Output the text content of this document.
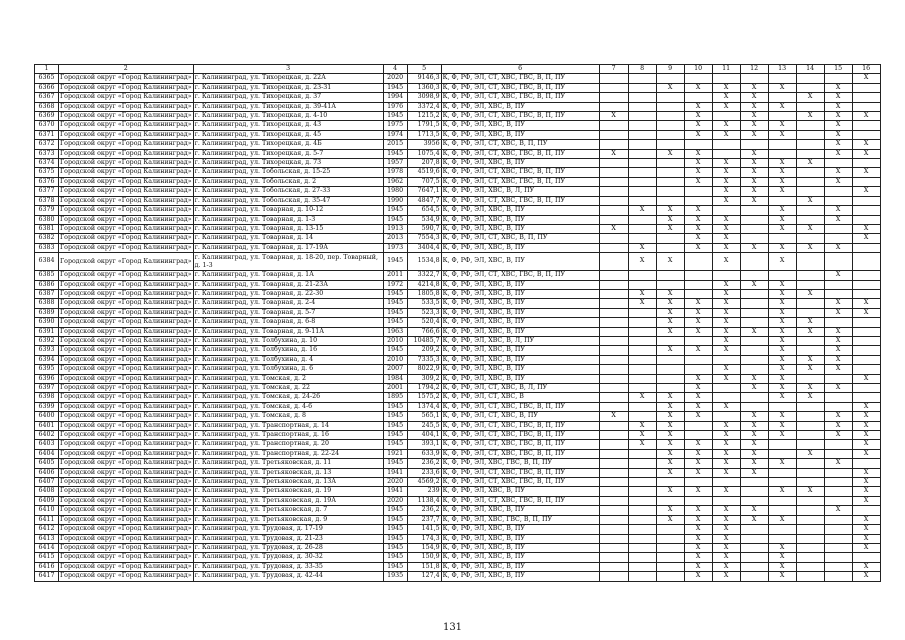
1	2	3	4	5	6	7	8	9	10	11	12	13	14	15	16
6365	Городской округ «Город Калининград»	г. Калининград, ул. Тихорецкая, д. 22А	2020	9146,3	К, Ф, РФ, ЭЛ, СТ, ХВС, ГВС, В, П, ПУ										Х
6366	Городской округ «Город Калининград»	г. Калининград, ул. Тихорецкая, д. 23-31	1945	1360,3	К, Ф, РФ, ЭЛ, СТ, ХВС, ГВС, В, П, ПУ			Х	Х	Х	Х	Х		Х	
6367	Городской округ «Город Калининград»	г. Калининград, ул. Тихорецкая, д. 37	1994	3098,9	К, Ф, РФ, ЭЛ, СТ, ХВС, ГВС, В, П, ПУ					Х	Х		Х	Х	
6368	Городской округ «Город Калининград»	г. Калининград, ул. Тихорецкая, д. 39-41А	1976	3372,4	К, Ф, РФ, ЭЛ, ХВС, В, ПУ				Х	Х	Х	Х		Х	
6369	Городской округ «Город Калининград»	г. Калининград, ул. Тихорецкая, д. 4-10	1945	1215,2	К, Ф, РФ, ЭЛ, СТ, ХВС, ГВС, В, П, ПУ	Х			Х		Х		Х	Х	Х
6370	Городской округ «Город Калининград»	г. Калининград, ул. Тихорецкая, д. 43	1975	1791,5	К, Ф, РФ, ЭЛ, ХВС, В, ПУ				Х	Х	Х	Х		Х	
6371	Городской округ «Город Калининград»	г. Калининград, ул. Тихорецкая, д. 45	1974	1713,5	К, Ф, РФ, ЭЛ, ХВС, В, ПУ				Х	Х	Х	Х		Х	
6372	Городской округ «Город Калининград»	г. Калининград, ул. Тихорецкая, д. 4Б	2015	3956	К, Ф, РФ, ЭЛ, СТ, ХВС, В, П, ПУ									Х	Х
6373	Городской округ «Город Калининград»	г. Калининград, ул. Тихорецкая, д. 5-7	1945	1075,4	К, Ф, РФ, ЭЛ, СТ, ХВС, ГВС, В, П, ПУ	Х		Х	Х		Х			Х	Х
6374	Городской округ «Город Калининград»	г. Калининград, ул. Тихорецкая, д. 73	1957	207,8	К, Ф, РФ, ЭЛ, ХВС, В, ПУ				Х	Х	Х	Х	Х		
6375	Городской округ «Город Калининград»	г. Калининград, ул. Тобольская, д. 15-25	1978	4519,6	К, Ф, РФ, ЭЛ, СТ, ХВС, ГВС, В, П, ПУ				Х	Х	Х	Х		Х	Х
6376	Городской округ «Город Калининград»	г. Калининград, ул. Тобольская, д. 2	1962	707,5	К, Ф, РФ, ЭЛ, СТ, ХВС, ГВС, В, П, ПУ				Х	Х	Х	Х		Х	
6377	Городской округ «Город Калининград»	г. Калининград, ул. Тобольская, д. 27-33	1980	7647,1	К, Ф, РФ, ЭЛ, ХВС, В, Л, ПУ					Х	Х	Х			Х
6378	Городской округ «Город Калининград»	г. Калининград, ул. Тобольская, д. 35-47	1990	4847,7	К, Ф, РФ, ЭЛ, СТ, ХВС, ГВС, В, П, ПУ					Х	Х		Х		
6379	Городской округ «Город Калининград»	г. Калининград, ул. Товарная, д. 10-12	1945	654,5	К, Ф, РФ, ЭЛ, ХВС, В, ПУ		Х	Х	Х			Х		Х	
6380	Городской округ «Город Калининград»	г. Калининград, ул. Товарная, д. 1-3	1945	534,9	К, Ф, РФ, ЭЛ, ХВС, В, ПУ			Х	Х	Х		Х		Х	
6381	Городской округ «Город Калининград»	г. Калининград, ул. Товарная, д. 13-15	1913	590,7	К, Ф, РФ, ЭЛ, ХВС, В, ПУ	Х		Х	Х	Х		Х	Х		Х
6382	Городской округ «Город Калининград»	г. Калининград, ул. Товарная, д. 14	2013	7554,3	К, Ф, РФ, ЭЛ, СТ, ХВС, В, П, ПУ				Х	Х					Х
6383	Городской округ «Город Калининград»	г. Калининград, ул. Товарная, д. 17-19А	1973	3404,4	К, Ф, РФ, ЭЛ, ХВС, В, ПУ		Х		Х	Х	Х	Х	Х	Х	
6384	Городской округ «Город Калининград»	г. Калининград, ул. Товарная, д. 18-20, пер. Товарный, д. 1-3	1945	1534,8	К, Ф, РФ, ЭЛ, ХВС, В, ПУ		Х	Х		Х		Х			
6385	Городской округ «Город Калининград»	г. Калининград, ул. Товарная, д. 1А	2011	3322,7	К, Ф, РФ, ЭЛ, СТ, ХВС, ГВС, В, П, ПУ									Х	
6386	Городской округ «Город Калининград»	г. Калининград, ул. Товарная, д. 21-23А	1972	4214,8	К, Ф, РФ, ЭЛ, ХВС, В, ПУ					Х	Х	Х			
6387	Городской округ «Город Калининград»	г. Калининград, ул. Товарная, д. 22-30	1945	1805,8	К, Ф, РФ, ЭЛ, ХВС, В, ПУ		Х	Х		Х		Х	Х		
6388	Городской округ «Город Калининград»	г. Калининград, ул. Товарная, д. 2-4	1945	533,5	К, Ф, РФ, ЭЛ, ХВС, В, ПУ		Х	Х	Х	Х		Х		Х	Х
6389	Городской округ «Город Калининград»	г. Калининград, ул. Товарная, д. 5-7	1945	523,3	К, Ф, РФ, ЭЛ, ХВС, В, ПУ			Х	Х	Х		Х		Х	Х
6390	Городской округ «Город Калининград»	г. Калининград, ул. Товарная, д. 6-8	1945	520,4	К, Ф, РФ, ЭЛ, ХВС, В, ПУ			Х	Х	Х		Х	Х		
6391	Городской округ «Город Калининград»	г. Калининград, ул. Товарная, д. 9-11А	1963	766,6	К, Ф, РФ, ЭЛ, ХВС, В, ПУ			Х	Х	Х	Х	Х	Х	Х	
6392	Городской округ «Город Калининград»	г. Калининград, ул. Толбухина, д. 10	2010	10485,7	К, Ф, РФ, ЭЛ, ХВС, В, Л, ПУ					Х		Х		Х	
6393	Городской округ «Город Калининград»	г. Калининград, ул. Толбухина, д. 16	1945	209,2	К, Ф, РФ, ЭЛ, ХВС, В, ПУ			Х	Х	Х		Х		Х	
6394	Городской округ «Город Калининград»	г. Калининград, ул. Толбухина, д. 4	2010	7335,3	К, Ф, РФ, ЭЛ, ХВС, В, ПУ							Х	Х	Х	
6395	Городской округ «Город Калининград»	г. Калининград, ул. Толбухина, д. 6	2007	8022,9	К, Ф, РФ, ЭЛ, ХВС, В, ПУ					Х		Х	Х	Х	
6396	Городской округ «Город Калининград»	г. Калининград, ул. Томская, д. 2	1984	309,2	К, Ф, РФ, ЭЛ, ХВС, В, ПУ				Х	Х	Х	Х			Х
6397	Городской округ «Город Калининград»	г. Калининград, ул. Томская, д. 22	2001	1794,2	К, Ф, РФ, ЭЛ, СТ, ХВС, В, Л, ПУ				Х		Х	Х	Х	Х	
6398	Городской округ «Город Калининград»	г. Калининград, ул. Томская, д. 24-26	1895	1575,2	К, Ф, РФ, ЭЛ, СТ, ХВС, В		Х	Х	Х			Х	Х		
6399	Городской округ «Город Калининград»	г. Калининград, ул. Томская, д. 4-6	1945	1374,4	К, Ф, РФ, ЭЛ, СТ, ХВС, ГВС, В, П, ПУ			Х	Х	Х					Х
6400	Городской округ «Город Калининград»	г. Калининград, ул. Томская, д. 8	1945	565,1	К, Ф, РФ, ЭЛ, СТ, ХВС, В, ПУ	Х		Х	Х		Х	Х		Х	Х
6401	Городской округ «Город Калининград»	г. Калининград, ул. Транспортная, д. 14	1945	245,5	К, Ф, РФ, ЭЛ, СТ, ХВС, ГВС, В, П, ПУ		Х	Х		Х	Х	Х		Х	Х
6402	Городской округ «Город Калининград»	г. Калининград, ул. Транспортная, д. 16	1945	404,1	К, Ф, РФ, ЭЛ, СТ, ХВС, ГВС, В, П, ПУ		Х	Х		Х	Х	Х		Х	Х
6403	Городской округ «Город Калининград»	г. Калининград, ул. Транспортная, д. 20	1945	393,1	К, Ф, РФ, ЭЛ, СТ, ХВС, ГВС, В, П, ПУ		Х	Х	Х	Х	Х				Х
6404	Городской округ «Город Калининград»	г. Калининград, ул. Транспортная, д. 22-24	1921	633,9	К, Ф, РФ, ЭЛ, СТ, ХВС, ГВС, В, П, ПУ			Х	Х	Х	Х		Х		Х
6405	Городской округ «Город Калининград»	г. Калининград, ул. Третьяковская, д. 11	1945	236,2	К, Ф, РФ, ЭЛ, ХВС, ГВС, В, П, ПУ			Х	Х	Х	Х	Х		Х	
6406	Городской округ «Город Калининград»	г. Калининград, ул. Третьяковская, д. 13	1941	233,6	К, Ф, РФ, ЭЛ, СТ, ХВС, ГВС, В, П, ПУ			Х	Х	Х	Х				Х
6407	Городской округ «Город Калининград»	г. Калининград, ул. Третьяковская, д. 13А	2020	4569,2	К, Ф, РФ, ЭЛ, СТ, ХВС, ГВС, В, П, ПУ										Х
6408	Городской округ «Город Калининград»	г. Калининград, ул. Третьяковская, д. 19	1941	239	К, Ф, РФ, ЭЛ, ХВС, В, ПУ			Х	Х	Х		Х	Х		Х
6409	Городской округ «Город Калининград»	г. Калининград, ул. Третьяковская, д. 19А	2020	1138,4	К, Ф, РФ, ЭЛ, СТ, ХВС, ГВС, В, П, ПУ										Х
6410	Городской округ «Город Калининград»	г. Калининград, ул. Третьяковская, д. 7	1945	236,2	К, Ф, РФ, ЭЛ, ХВС, В, ПУ			Х	Х	Х	Х			Х	
6411	Городской округ «Город Калининград»	г. Калининград, ул. Третьяковская, д. 9	1945	237,7	К, Ф, РФ, ЭЛ, ХВС, ГВС, В, П, ПУ			Х	Х	Х	Х	Х			Х
6412	Городской округ «Город Калининград»	г. Калининград, ул. Трудовая, д. 17-19	1945	141,5	К, Ф, РФ, ЭЛ, ХВС, В, ПУ				Х	Х					Х
6413	Городской округ «Город Калининград»	г. Калининград, ул. Трудовая, д. 21-23	1945	174,3	К, Ф, РФ, ЭЛ, ХВС, В, ПУ				Х	Х					Х
6414	Городской округ «Город Калининград»	г. Калининград, ул. Трудовая, д. 26-28	1945	154,9	К, Ф, РФ, ЭЛ, ХВС, В, ПУ				Х	Х		Х			Х
6415	Городской округ «Город Калининград»	г. Калининград, ул. Трудовая, д. 30-32	1945	150,9	К, Ф, РФ, ЭЛ, ХВС, В, ПУ				Х	Х		Х			
6416	Городской округ «Город Калининград»	г. Калининград, ул. Трудовая, д. 33-35	1945	151,8	К, Ф, РФ, ЭЛ, ХВС, В, ПУ				Х	Х		Х			Х
6417	Городской округ «Город Калининград»	г. Калининград, ул. Трудовая, д. 42-44	1935	127,4	К, Ф, РФ, ЭЛ, ХВС, В, ПУ				Х	Х		Х			Х
131
